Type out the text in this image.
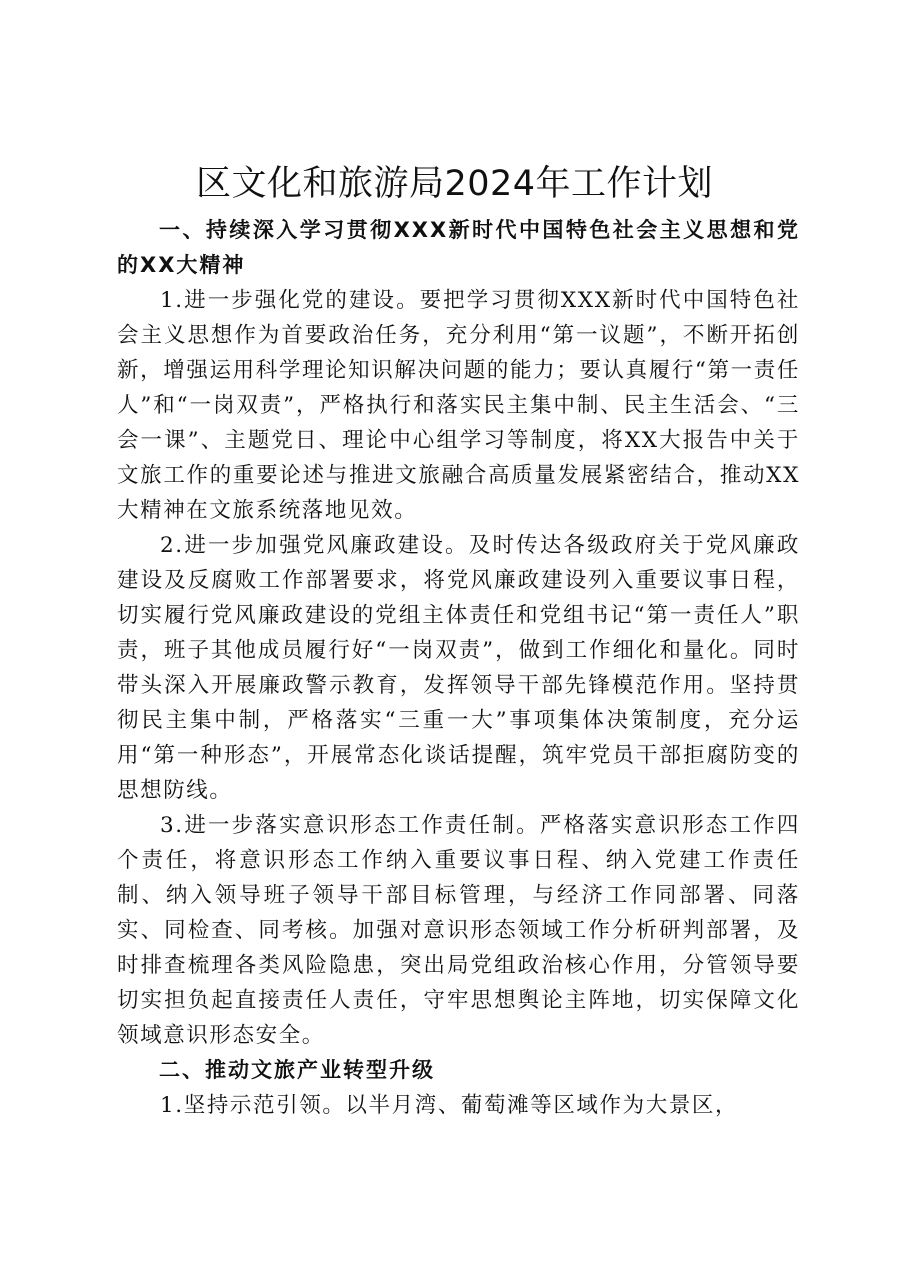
区文化和旅游局2024年工作计划

一、持续深入学习贯彻XXX新时代中国特色社会主义思想和党的XX大精神

1.进一步强化党的建设。要把学习贯彻XXX新时代中国特色社会主义思想作为首要政治任务，充分利用“第一议题”，不断开拓创新，增强运用科学理论知识解决问题的能力；要认真履行“第一责任人”和“一岗双责”，严格执行和落实民主集中制、民主生活会、“三会一课”、主题党日、理论中心组学习等制度，将XX大报告中关于文旅工作的重要论述与推进文旅融合高质量发展紧密结合，推动XX大精神在文旅系统落地见效。

2.进一步加强党风廉政建设。及时传达各级政府关于党风廉政建设及反腐败工作部署要求，将党风廉政建设列入重要议事日程，切实履行党风廉政建设的党组主体责任和党组书记“第一责任人”职责，班子其他成员履行好“一岗双责”，做到工作细化和量化。同时带头深入开展廉政警示教育，发挥领导干部先锋模范作用。坚持贯彻民主集中制，严格落实“三重一大”事项集体决策制度，充分运用“第一种形态”，开展常态化谈话提醒，筑牢党员干部拒腐防变的思想防线。

3.进一步落实意识形态工作责任制。严格落实意识形态工作四个责任，将意识形态工作纳入重要议事日程、纳入党建工作责任制、纳入领导班子领导干部目标管理，与经济工作同部署、同落实、同检查、同考核。加强对意识形态领域工作分析研判部署，及时排查梳理各类风险隐患，突出局党组政治核心作用，分管领导要切实担负起直接责任人责任，守牢思想舆论主阵地，切实保障文化领域意识形态安全。

二、推动文旅产业转型升级

1.坚持示范引领。以半月湾、葡萄滩等区域作为大景区，
